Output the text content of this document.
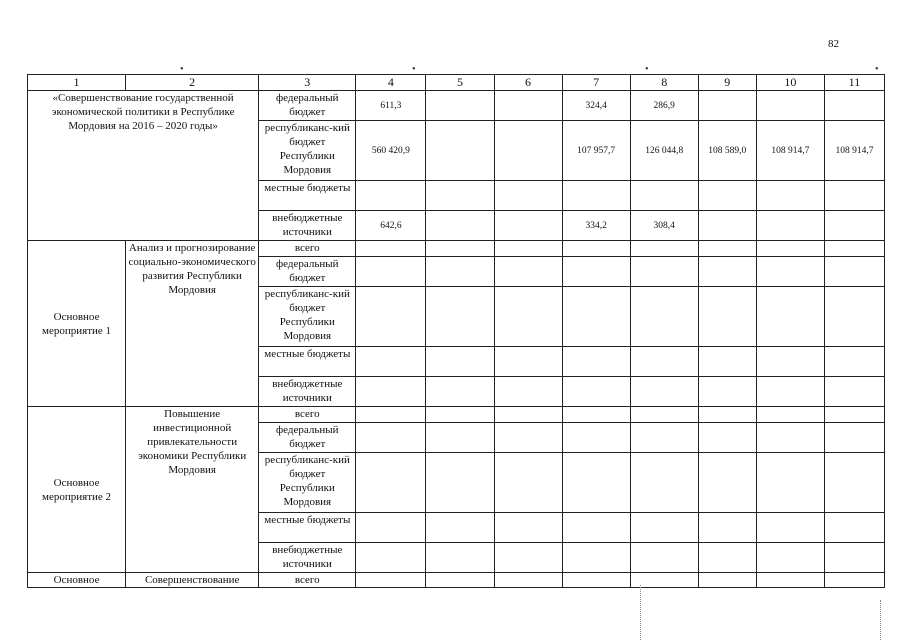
82
•	•	•	•
1	2	3	4	5	6	7	8	9	10	11
«Совершенствование государственной экономической политики в Республике Мордовия на 2016 – 2020 годы»		федеральный бюджет	611,3			324,4	286,9			
		республиканс-кий бюджет Республики Мордовия	560 420,9			107 957,7	126 044,8	108 589,0	108 914,7	108 914,7
		местные бюджеты								
		внебюджетные источники	642,6			334,2	308,4			
Основное мероприятие 1	Анализ и прогнозирование социально-экономического развития Республики Мордовия	всего								
		федеральный бюджет								
		республиканс-кий бюджет Республики Мордовия								
		местные бюджеты								
		внебюджетные источники								
Основное мероприятие 2	Повышение инвестиционной привлекательности экономики Республики Мордовия	всего								
		федеральный бюджет								
		республиканс-кий бюджет Республики Мордовия								
		местные бюджеты								
		внебюджетные источники								
Основное	Совершенствование	всего								
